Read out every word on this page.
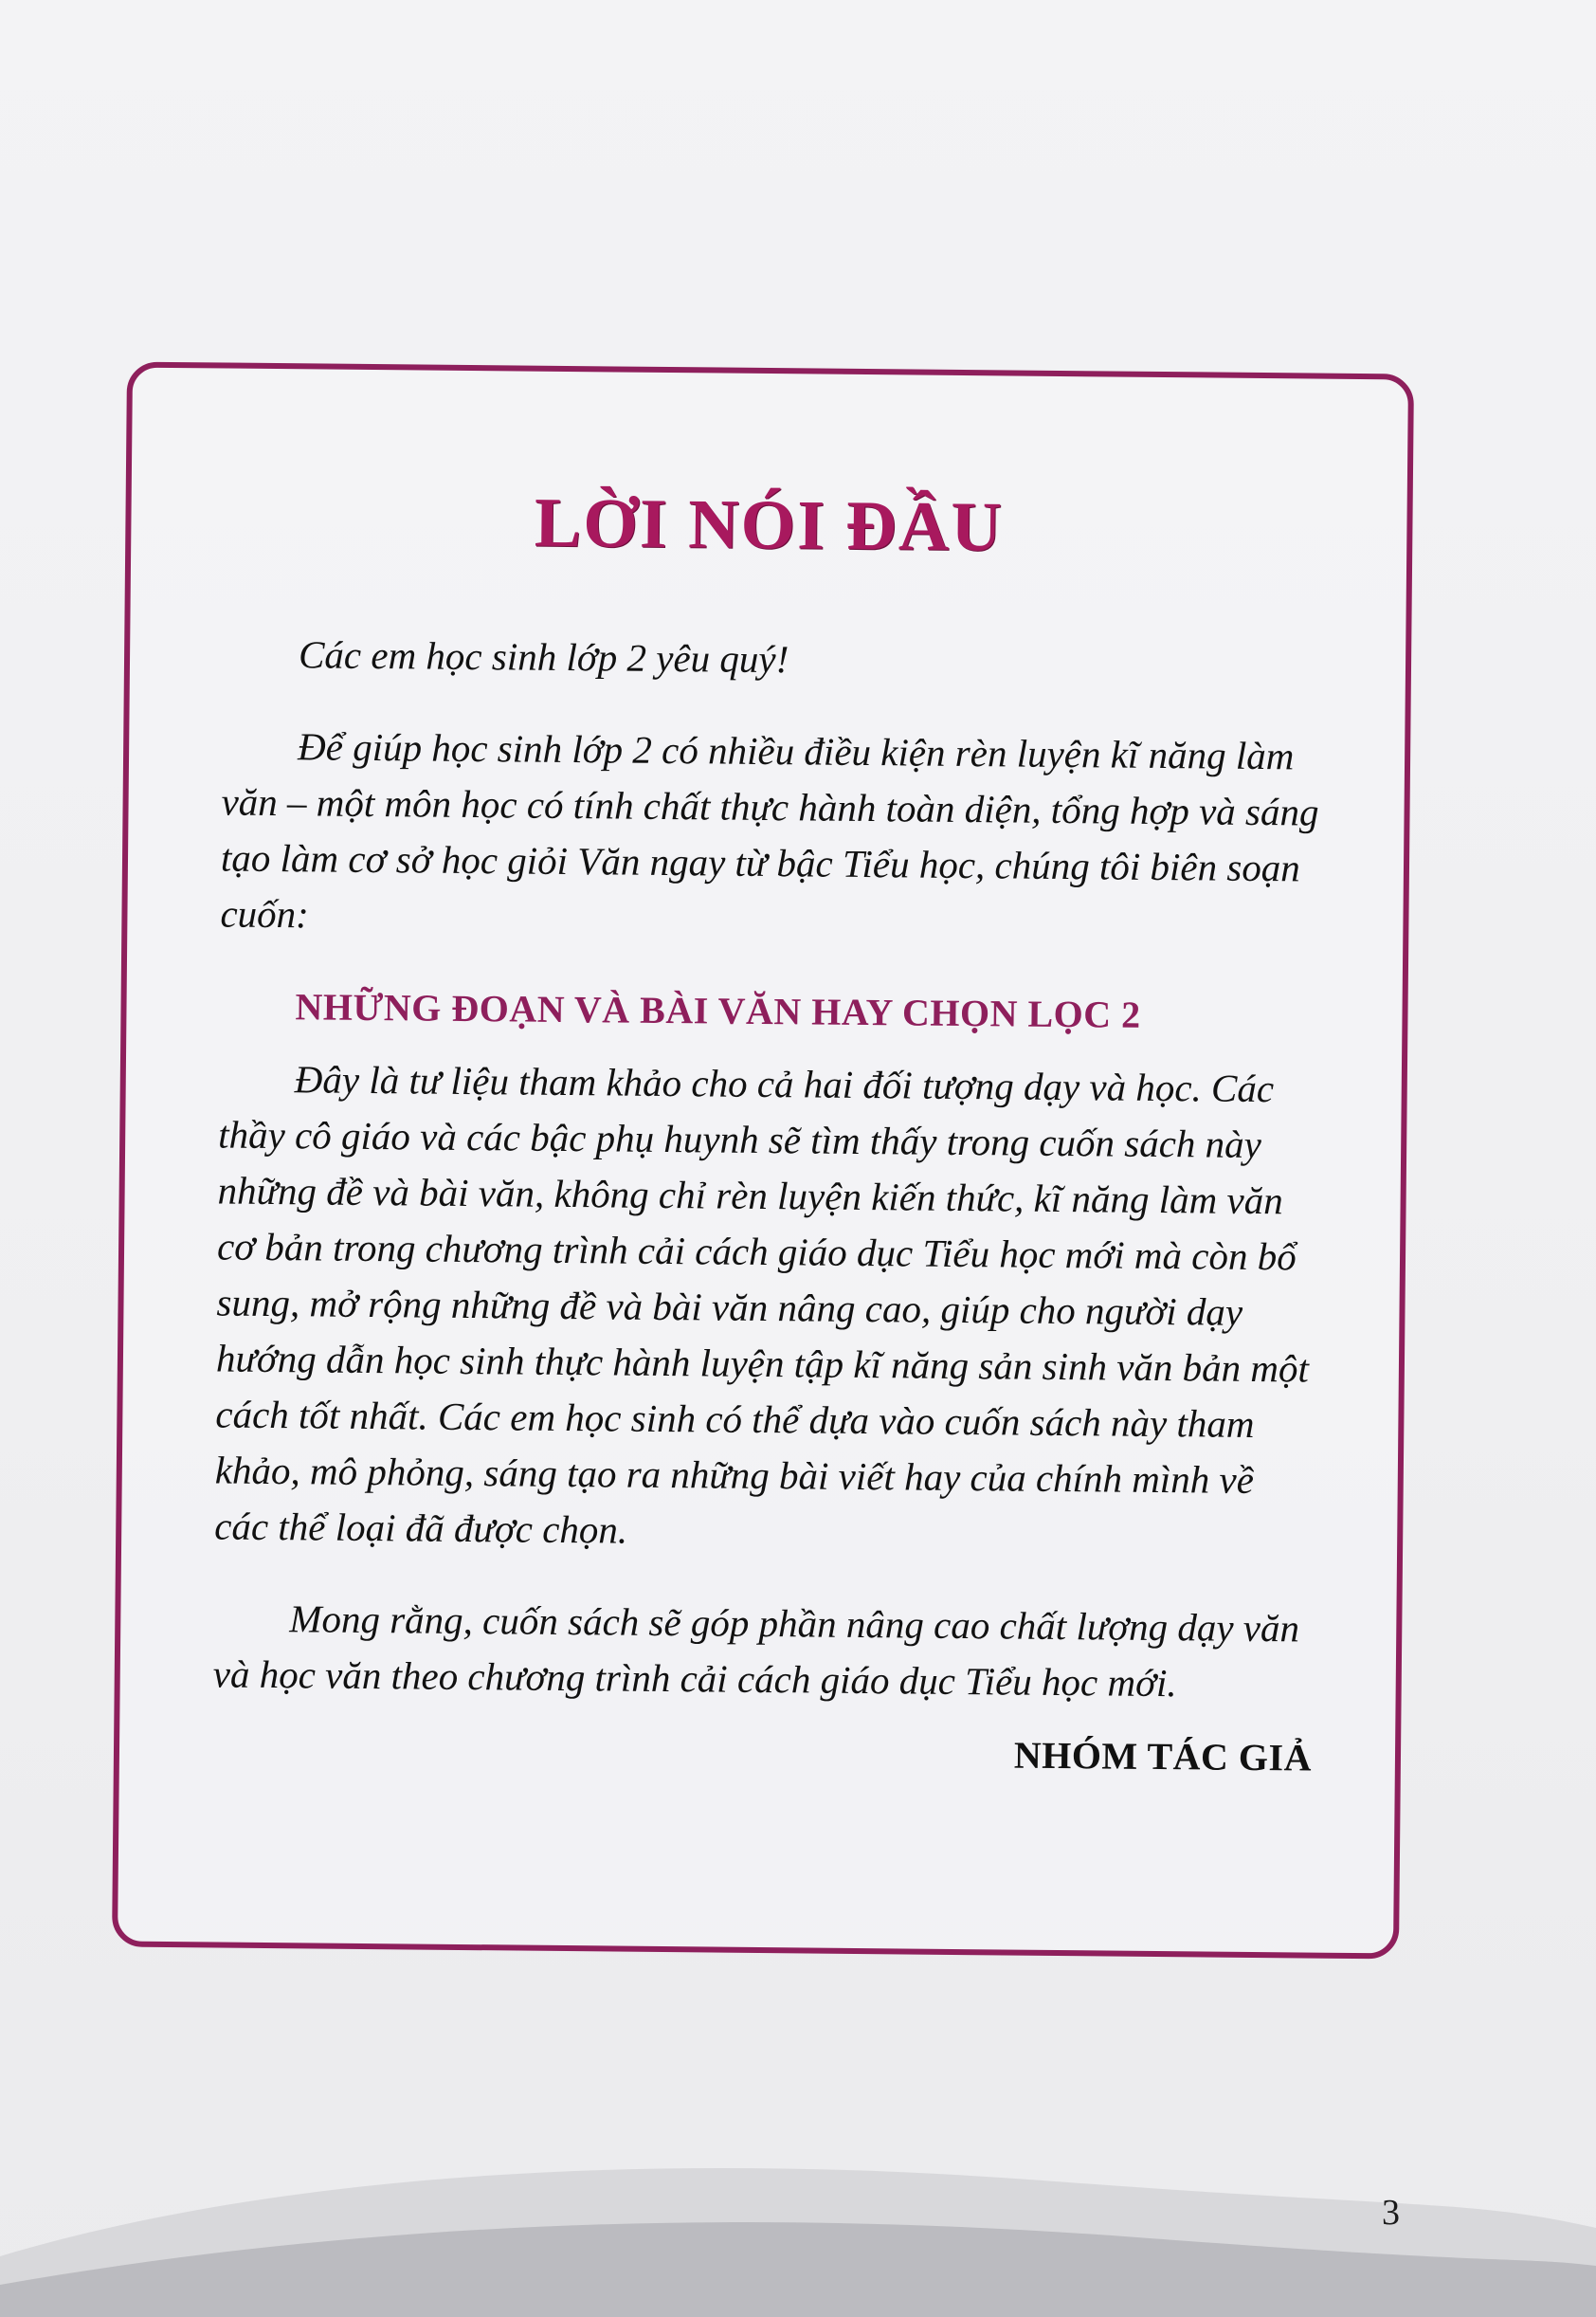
LỜI NÓI ĐẦU

Các em học sinh lớp 2 yêu quý!

Để giúp học sinh lớp 2 có nhiều điều kiện rèn luyện kĩ năng làm văn – một môn học có tính chất thực hành toàn diện, tổng hợp và sáng tạo làm cơ sở học giỏi Văn ngay từ bậc Tiểu học, chúng tôi biên soạn cuốn:

NHỮNG ĐOẠN VÀ BÀI VĂN HAY CHỌN LỌC 2

Đây là tư liệu tham khảo cho cả hai đối tượng dạy và học. Các thầy cô giáo và các bậc phụ huynh sẽ tìm thấy trong cuốn sách này những đề và bài văn, không chỉ rèn luyện kiến thức, kĩ năng làm văn cơ bản trong chương trình cải cách giáo dục Tiểu học mới mà còn bổ sung, mở rộng những đề và bài văn nâng cao, giúp cho người dạy hướng dẫn học sinh thực hành luyện tập kĩ năng sản sinh văn bản một cách tốt nhất. Các em học sinh có thể dựa vào cuốn sách này tham khảo, mô phỏng, sáng tạo ra những bài viết hay của chính mình về các thể loại đã được chọn.

Mong rằng, cuốn sách sẽ góp phần nâng cao chất lượng dạy văn và học văn theo chương trình cải cách giáo dục Tiểu học mới.

NHÓM TÁC GIẢ

3
